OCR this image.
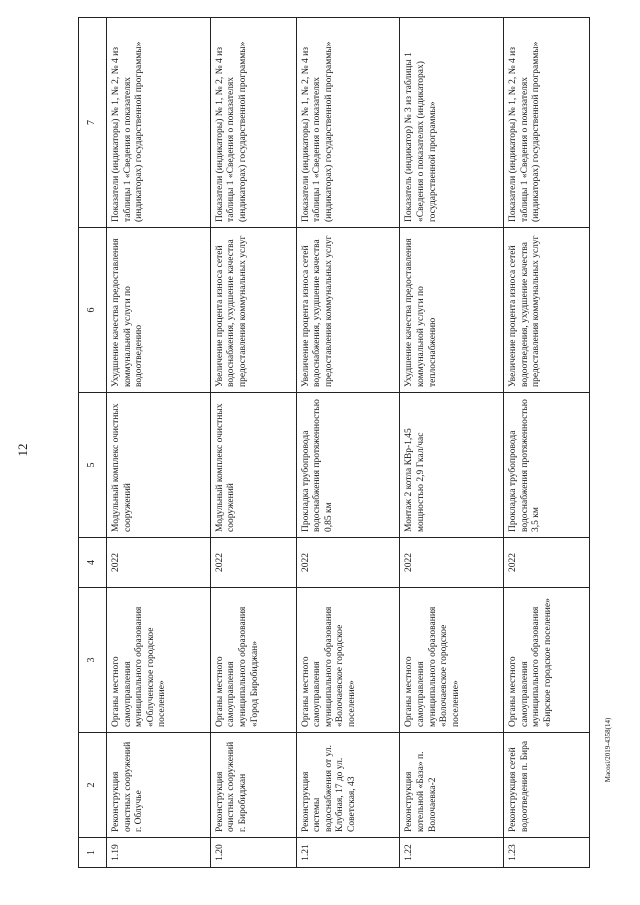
12
1	2	3	4	5	6	7
1.19	Реконструкция очистных сооружений г. Облучье	Органы местного самоуправления муниципального образования «Облученское городское поселение»	2022	Модульный комплекс очистных сооружений	Ухудшение качества предоставления коммунальной услуги по водоотведению	Показатели (индикаторы) № 1, № 2, № 4 из таблицы 1 «Сведения о показателях (индикаторах) государственной программы»
1.20	Реконструкция очистных сооружений г. Биробиджан	Органы местного самоуправления муниципального образования «Город Биробиджан»	2022	Модульный комплекс очистных сооружений	Увеличение процента износа сетей водоснабжения, ухудшение качества предоставления коммунальных услуг	Показатели (индикаторы) № 1, № 2, № 4 из таблицы 1 «Сведения о показателях (индикаторах) государственной программы»
1.21	Реконструкция системы водоснабжения от ул. Клубная, 17 до ул. Советская, 43	Органы местного самоуправления муниципального образования «Волочаевское городское поселение»	2022	Прокладка трубопровода водоснабжения протяженностью 0,85 км	Увеличение процента износа сетей водоснабжения, ухудшение качества предоставления коммунальных услуг	Показатели (индикаторы) № 1, № 2, № 4 из таблицы 1 «Сведения о показателях (индикаторах) государственной программы»
1.22	Реконструкция котельной «База» п. Волочаевка-2	Органы местного самоуправления муниципального образования «Волочаевское городское поселение»	2022	Монтаж 2 котла КВр-1,45 мощностью 2,9 Гкал/час	Ухудшение качества предоставления коммунальной услуги по теплоснабжению	Показатель (индикатор) № 3 из таблицы 1 «Сведения о показателях (индикаторах) государственной программы»
1.23	Реконструкция сетей водоотведения п. Бира	Органы местного самоуправления муниципального образования «Бирское городское поселение»	2022	Прокладка трубопровода водоснабжения протяженностью 3,5 км	Увеличение процента износа сетей водоотведения, ухудшение качества предоставления коммунальных услуг	Показатели (индикаторы) № 1, № 2, № 4 из таблицы 1 «Сведения о показателях (индикаторах) государственной программы»
Macosi/2019-4358(14)
